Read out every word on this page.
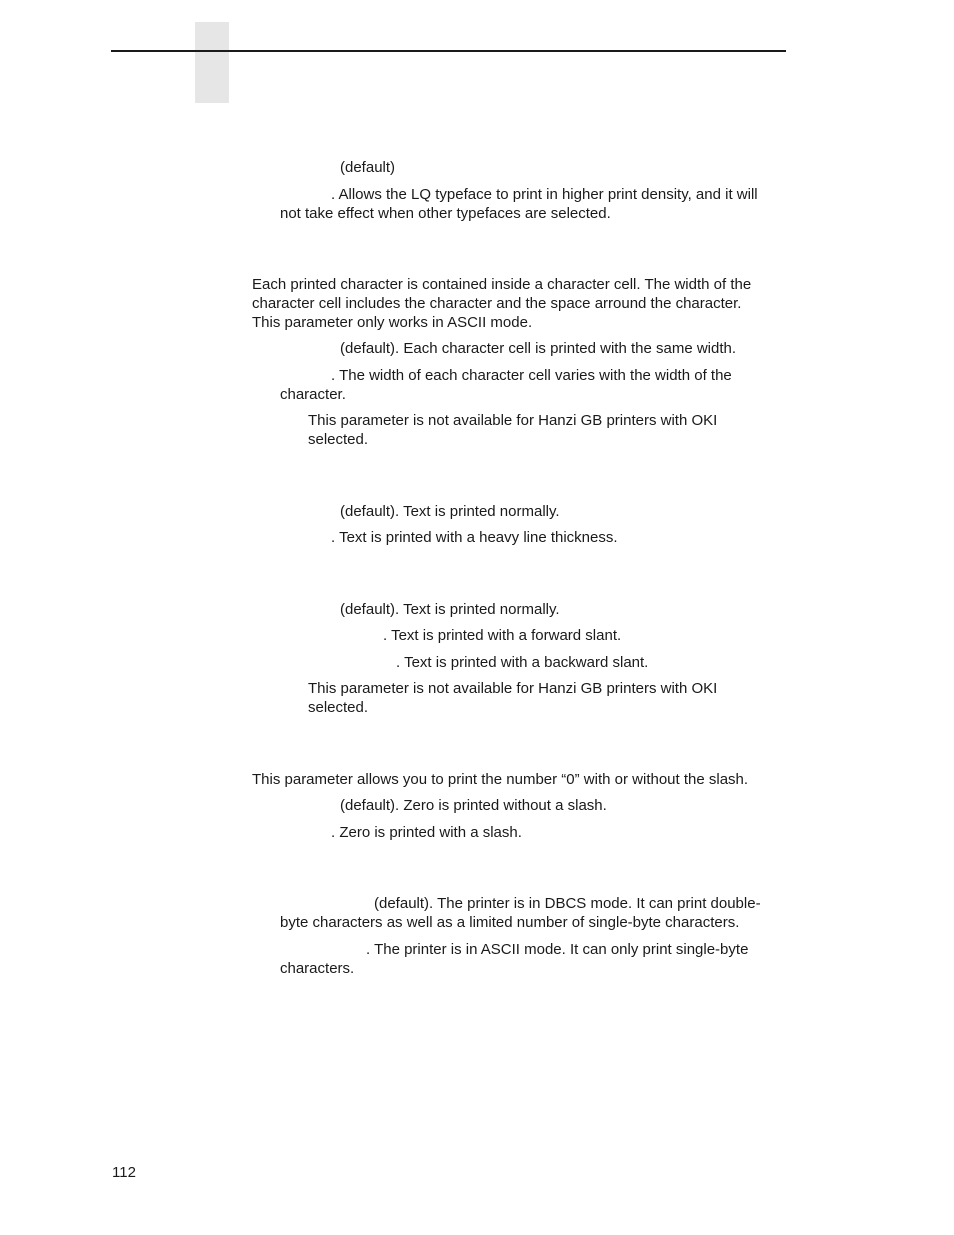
(default)

. Allows the LQ typeface to print in higher print density, and it will

not take effect when other typefaces are selected.

Each printed character is contained inside a character cell. The width of the

character cell includes the character and the space arround the character.

This parameter only works in ASCII mode.

(default). Each character cell is printed with the same width.

. The width of each character cell varies with the width of the

character.

This parameter is not available for Hanzi GB printers with OKI

selected.

(default). Text is printed normally.

. Text is printed with a heavy line thickness.

(default). Text is printed normally.

. Text is printed with a forward slant.

. Text is printed with a backward slant.

This parameter is not available for Hanzi GB printers with OKI

selected.

This parameter allows you to print the number “0” with or without the slash.

(default). Zero is printed without a slash.

. Zero is printed with a slash.

(default). The printer is in DBCS mode. It can print double-

byte characters as well as a limited number of single-byte characters.

. The printer is in ASCII mode. It can only print single-byte

characters.

112
